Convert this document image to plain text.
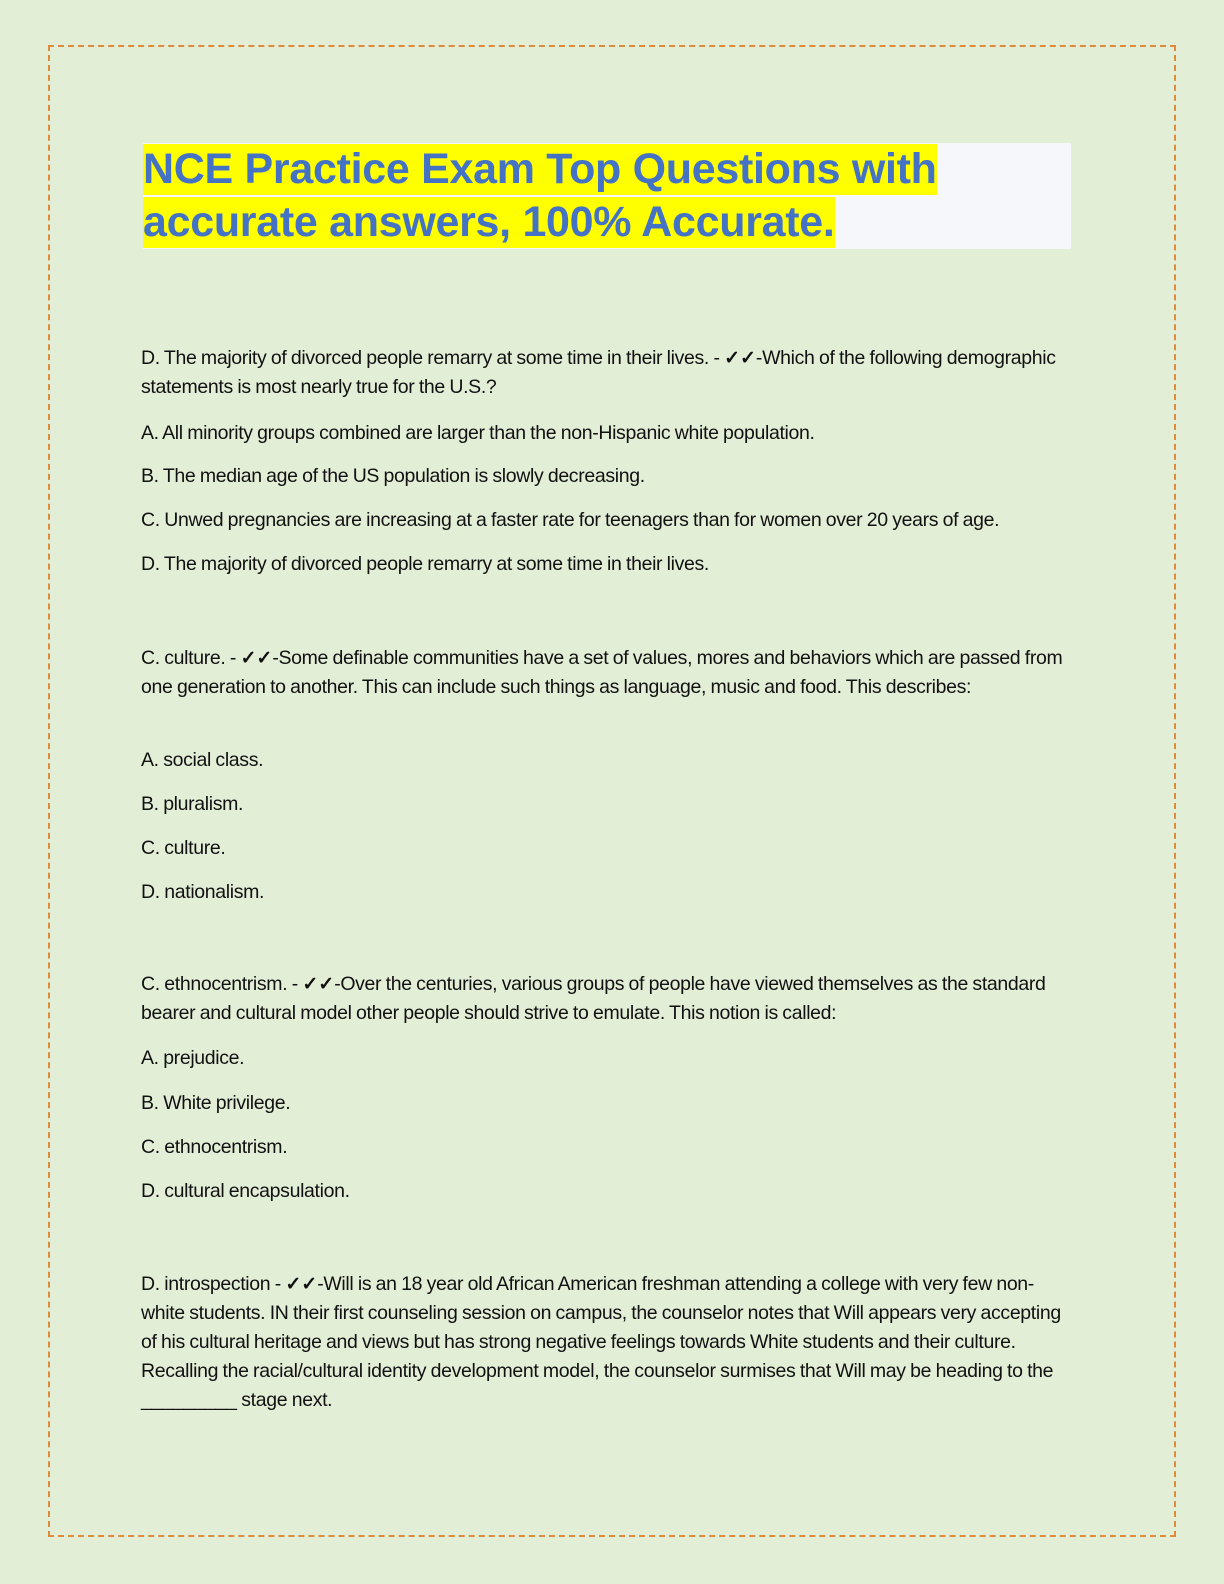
NCE Practice Exam Top Questions with
accurate answers, 100% Accurate.

D. The majority of divorced people remarry at some time in their lives. - ✓✓-Which of the following demographic statements is most nearly true for the U.S.?

A. All minority groups combined are larger than the non-Hispanic white population.

B. The median age of the US population is slowly decreasing.

C. Unwed pregnancies are increasing at a faster rate for teenagers than for women over 20 years of age.

D. The majority of divorced people remarry at some time in their lives.

C. culture. - ✓✓-Some definable communities have a set of values, mores and behaviors which are passed from one generation to another. This can include such things as language, music and food. This describes:

A. social class.

B. pluralism.

C. culture.

D. nationalism.

C. ethnocentrism. - ✓✓-Over the centuries, various groups of people have viewed themselves as the standard bearer and cultural model other people should strive to emulate. This notion is called:

A. prejudice.

B. White privilege.

C. ethnocentrism.

D. cultural encapsulation.

D. introspection - ✓✓-Will is an 18 year old African American freshman attending a college with very few non-white students. IN their first counseling session on campus, the counselor notes that Will appears very accepting of his cultural heritage and views but has strong negative feelings towards White students and their culture. Recalling the racial/cultural identity development model, the counselor surmises that Will may be heading to the _________ stage next.
